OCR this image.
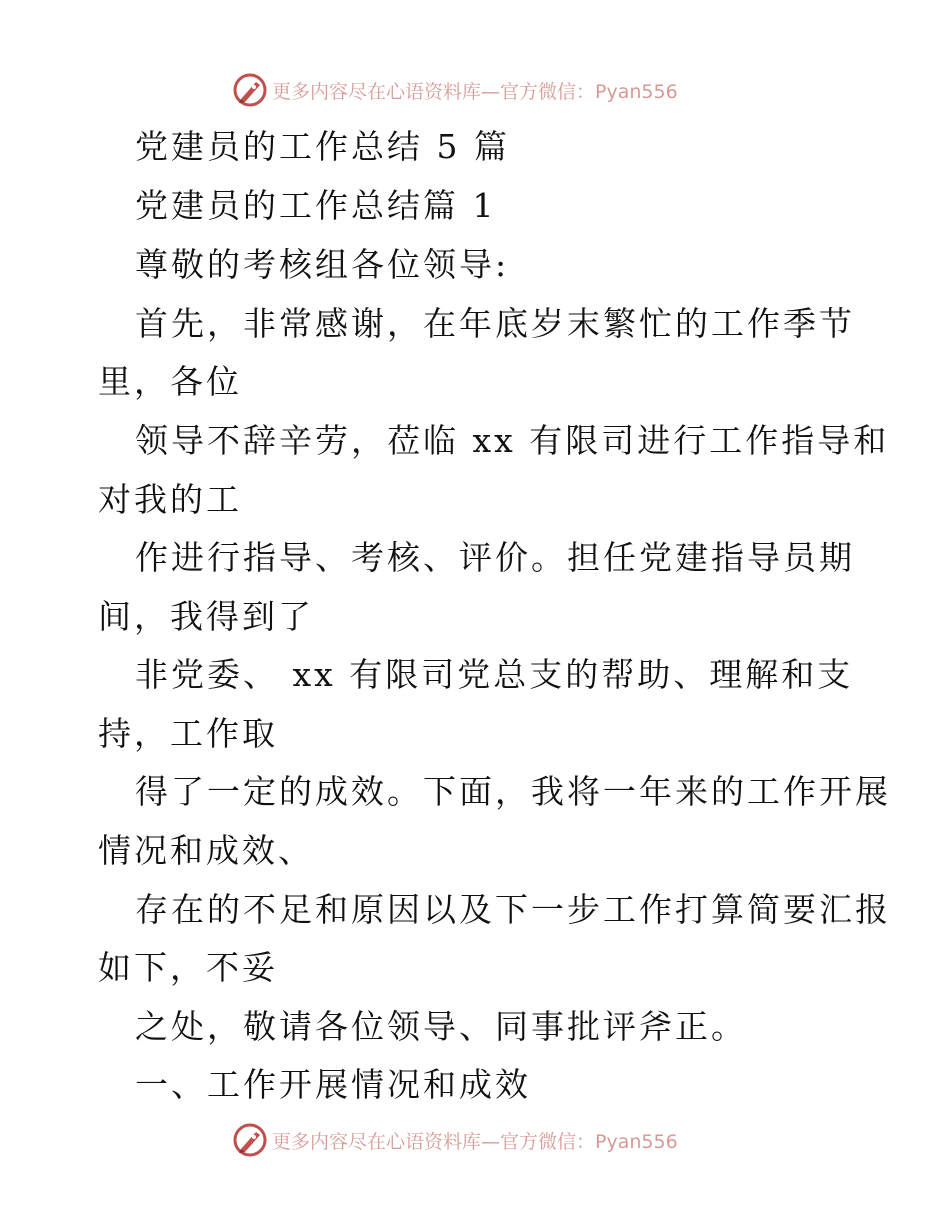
更多内容尽在心语资料库—官方微信：Pyan556
党建员的工作总结 5 篇
党建员的工作总结篇 1
尊敬的考核组各位领导:
首先，非常感谢，在年底岁末繁忙的工作季节
里，各位
领导不辞辛劳，莅临 xx 有限司进行工作指导和
对我的工
作进行指导、考核、评价。担任党建指导员期
间，我得到了
非党委、 xx 有限司党总支的帮助、理解和支
持，工作取
得了一定的成效。下面，我将一年来的工作开展
情况和成效、
存在的不足和原因以及下一步工作打算简要汇报
如下，不妥
之处，敬请各位领导、同事批评斧正。
一、工作开展情况和成效
更多内容尽在心语资料库—官方微信：Pyan556
